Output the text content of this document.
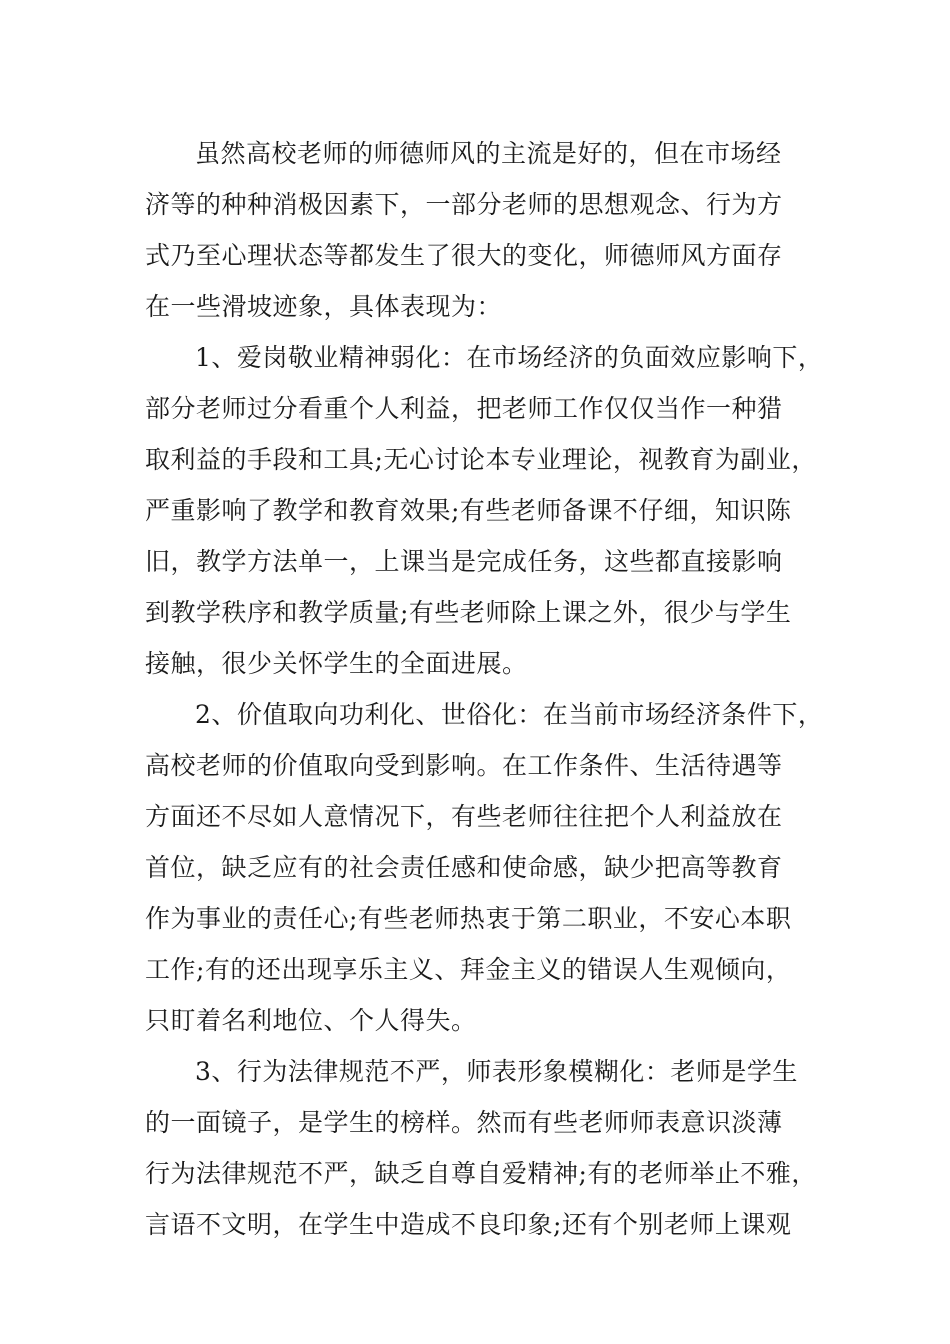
虽然高校老师的师德师风的主流是好的，但在市场经
济等的种种消极因素下，一部分老师的思想观念、行为方
式乃至心理状态等都发生了很大的变化，师德师风方面存
在一些滑坡迹象，具体表现为：

1、爱岗敬业精神弱化：在市场经济的负面效应影响下，
部分老师过分看重个人利益，把老师工作仅仅当作一种猎
取利益的手段和工具;无心讨论本专业理论，视教育为副业，
严重影响了教学和教育效果;有些老师备课不仔细，知识陈
旧，教学方法单一，上课当是完成任务，这些都直接影响
到教学秩序和教学质量;有些老师除上课之外，很少与学生
接触，很少关怀学生的全面进展。

2、价值取向功利化、世俗化：在当前市场经济条件下，
高校老师的价值取向受到影响。在工作条件、生活待遇等
方面还不尽如人意情况下，有些老师往往把个人利益放在
首位，缺乏应有的社会责任感和使命感，缺少把高等教育
作为事业的责任心;有些老师热衷于第二职业，不安心本职
工作;有的还出现享乐主义、拜金主义的错误人生观倾向，
只盯着名利地位、个人得失。

3、行为法律规范不严，师表形象模糊化：老师是学生
的一面镜子，是学生的榜样。然而有些老师师表意识淡薄
行为法律规范不严，缺乏自尊自爱精神;有的老师举止不雅，
言语不文明，在学生中造成不良印象;还有个别老师上课观
